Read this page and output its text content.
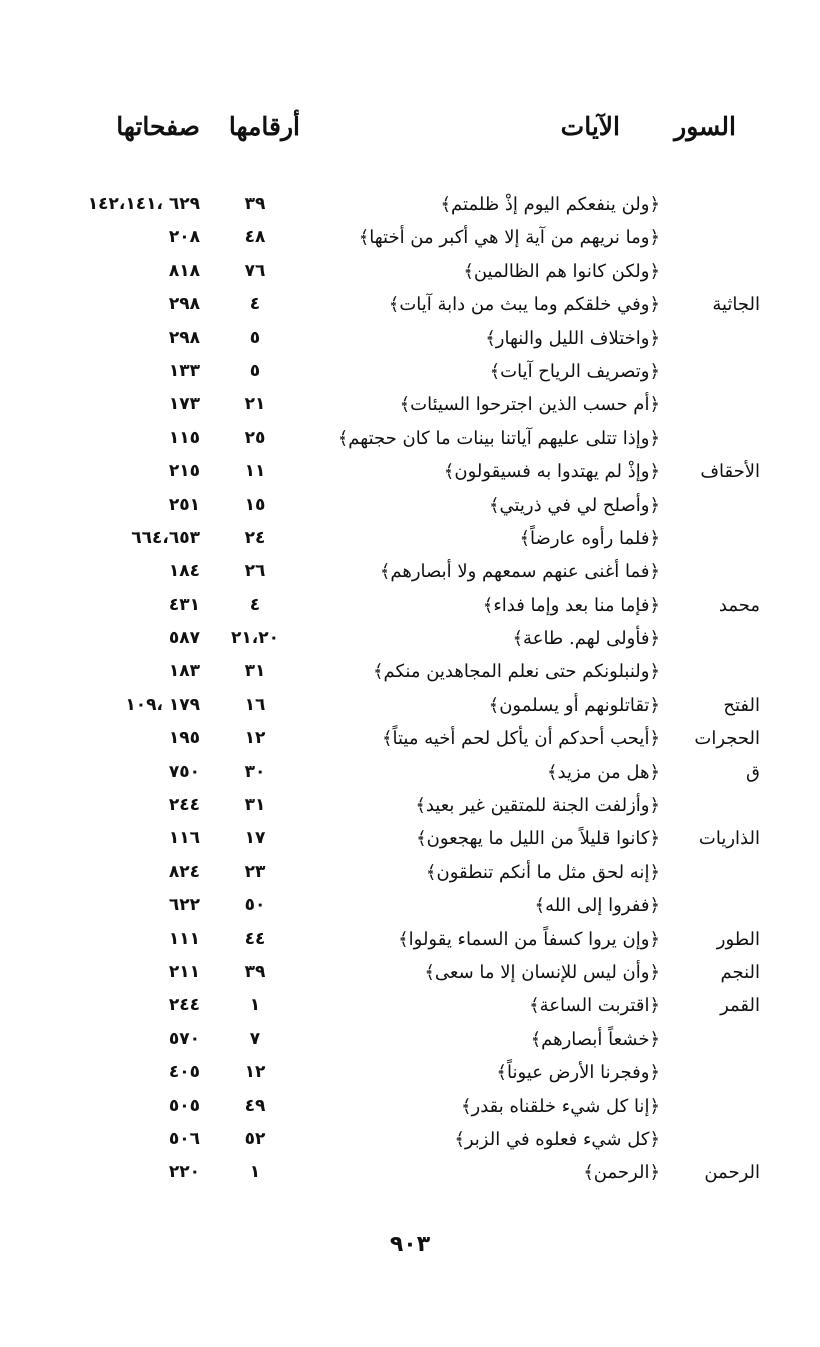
السور
الآيات
أرقامها
صفحاتها
﴿ولن ينفعكم اليوم إذْ ظلمتم﴾
٣٩
٦٢٩ ،١٤٢،١٤١
﴿وما نريهم من آية إلا هي أكبر من أختها﴾
٤٨
٢٠٨
﴿ولكن كانوا هم الظالمين﴾
٧٦
٨١٨
الجاثية
﴿وفي خلقكم وما يبث من دابة آيات﴾
٤
٢٩٨
﴿واختلاف الليل والنهار﴾
٥
٢٩٨
﴿وتصريف الرياح آيات﴾
٥
١٣٣
﴿أم حسب الذين اجترحوا السيئات﴾
٢١
١٧٣
﴿وإذا تتلى عليهم آياتنا بينات ما كان حجتهم﴾
٢٥
١١٥
الأحقاف
﴿وإذْ لم يهتدوا به فسيقولون﴾
١١
٢١٥
﴿وأصلح لي في ذريتي﴾
١٥
٢٥١
﴿فلما رأوه عارضاً﴾
٢٤
٦٦٤،٦٥٣
﴿فما أغنى عنهم سمعهم ولا أبصارهم﴾
٢٦
١٨٤
محمد
﴿فإما منا بعد وإما فداء﴾
٤
٤٣١
﴿فأولى لهم. طاعة﴾
٢١،٢٠
٥٨٧
﴿ولنبلونكم حتى نعلم المجاهدين منكم﴾
٣١
١٨٣
الفتح
﴿تقاتلونهم أو يسلمون﴾
١٦
١٧٩ ،١٠٩
الحجرات
﴿أيحب أحدكم أن يأكل لحم أخيه ميتاً﴾
١٢
١٩٥
ق
﴿هل من مزيد﴾
٣٠
٧٥٠
﴿وأزلفت الجنة للمتقين غير بعيد﴾
٣١
٢٤٤
الذاريات
﴿كانوا قليلاً من الليل ما يهجعون﴾
١٧
١١٦
﴿إنه لحق مثل ما أنكم تنطقون﴾
٢٣
٨٢٤
﴿ففروا إلى الله﴾
٥٠
٦٢٢
الطور
﴿وإن يروا كسفاً من السماء يقولوا﴾
٤٤
١١١
النجم
﴿وأن ليس للإنسان إلا ما سعى﴾
٣٩
٢١١
القمر
﴿اقتربت الساعة﴾
١
٢٤٤
﴿خشعاً أبصارهم﴾
٧
٥٧٠
﴿وفجرنا الأرض عيوناً﴾
١٢
٤٠٥
﴿إنا كل شيء خلقناه بقدر﴾
٤٩
٥٠٥
﴿كل شيء فعلوه في الزبر﴾
٥٢
٥٠٦
الرحمن
﴿الرحمن﴾
١
٢٢٠
٩٠٣
